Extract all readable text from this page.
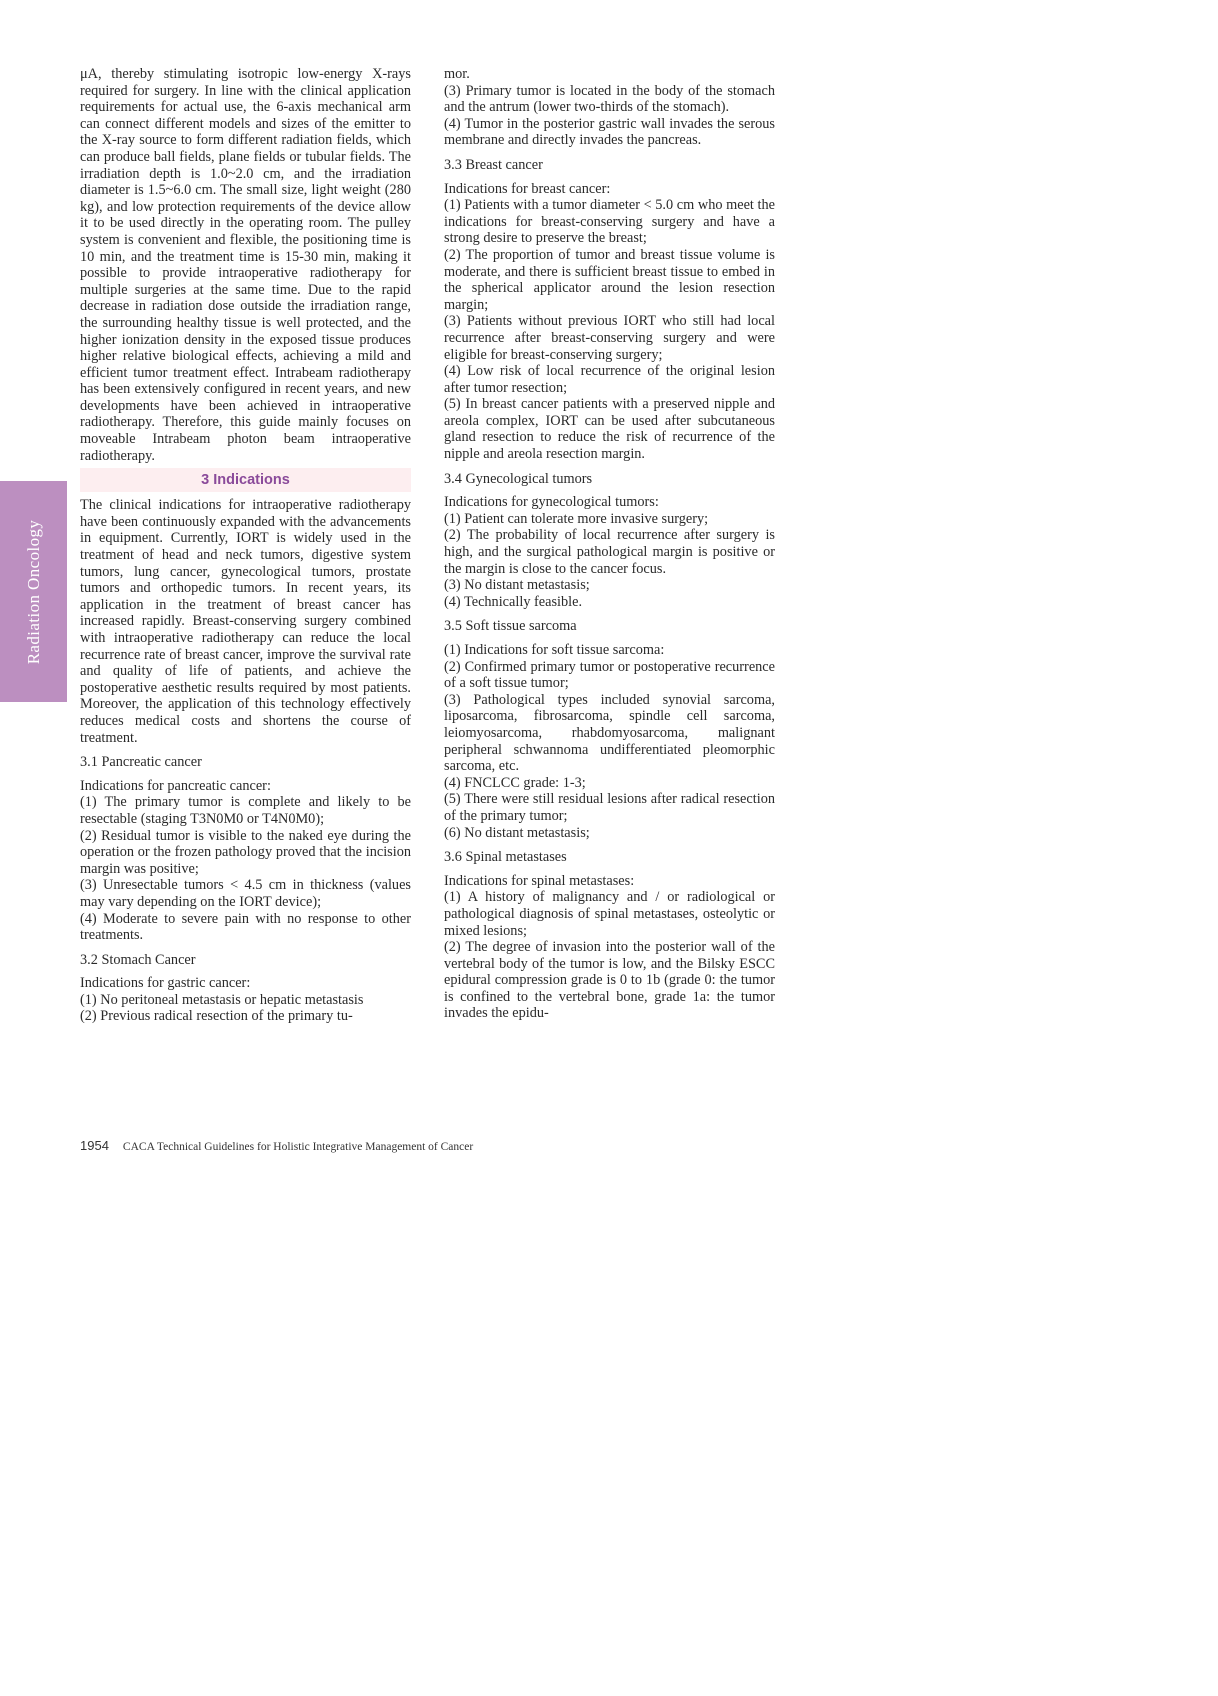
Radiation Oncology

μA, thereby stimulating isotropic low-energy X-rays required for surgery. In line with the clinical application requirements for actual use, the 6-axis mechanical arm can connect different models and sizes of the emitter to the X-ray source to form different radiation fields, which can produce ball fields, plane fields or tubular fields. The irradiation depth is 1.0~2.0 cm, and the irradiation diameter is 1.5~6.0 cm. The small size, light weight (280 kg), and low protection requirements of the device allow it to be used directly in the operating room. The pulley system is convenient and flexible, the positioning time is 10 min, and the treatment time is 15-30 min, making it possible to provide intraoperative radiotherapy for multiple surgeries at the same time. Due to the rapid decrease in radiation dose outside the irradiation range, the surrounding healthy tissue is well protected, and the higher ionization density in the exposed tissue produces higher relative biological effects, achieving a mild and efficient tumor treatment effect. Intrabeam radiotherapy has been extensively configured in recent years, and new developments have been achieved in intraoperative radiotherapy. Therefore, this guide mainly focuses on moveable Intrabeam photon beam intraoperative radiotherapy.

3 Indications

The clinical indications for intraoperative radiotherapy have been continuously expanded with the advancements in equipment. Currently, IORT is widely used in the treatment of head and neck tumors, digestive system tumors, lung cancer, gynecological tumors, prostate tumors and orthopedic tumors. In recent years, its application in the treatment of breast cancer has increased rapidly. Breast-conserving surgery combined with intraoperative radiotherapy can reduce the local recurrence rate of breast cancer, improve the survival rate and quality of life of patients, and achieve the postoperative aesthetic results required by most patients. Moreover, the application of this technology effectively reduces medical costs and shortens the course of treatment.

3.1 Pancreatic cancer

Indications for pancreatic cancer:

(1) The primary tumor is complete and likely to be resectable (staging T3N0M0 or T4N0M0);

(2) Residual tumor is visible to the naked eye during the operation or the frozen pathology proved that the incision margin was positive;

(3) Unresectable tumors < 4.5 cm in thickness (values may vary depending on the IORT device);

(4) Moderate to severe pain with no response to other treatments.

3.2 Stomach Cancer

Indications for gastric cancer:

(1) No peritoneal metastasis or hepatic metastasis

(2) Previous radical resection of the primary tu-

mor.

(3) Primary tumor is located in the body of the stomach and the antrum (lower two-thirds of the stomach).

(4) Tumor in the posterior gastric wall invades the serous membrane and directly invades the pancreas.

3.3 Breast cancer

Indications for breast cancer:

(1) Patients with a tumor diameter < 5.0 cm who meet the indications for breast-conserving surgery and have a strong desire to preserve the breast;

(2) The proportion of tumor and breast tissue volume is moderate, and there is sufficient breast tissue to embed in the spherical applicator around the lesion resection margin;

(3) Patients without previous IORT who still had local recurrence after breast-conserving surgery and were eligible for breast-conserving surgery;

(4) Low risk of local recurrence of the original lesion after tumor resection;

(5) In breast cancer patients with a preserved nipple and areola complex, IORT can be used after subcutaneous gland resection to reduce the risk of recurrence of the nipple and areola resection margin.

3.4 Gynecological tumors

Indications for gynecological tumors:

(1) Patient can tolerate more invasive surgery;

(2) The probability of local recurrence after surgery is high, and the surgical pathological margin is positive or the margin is close to the cancer focus.

(3) No distant metastasis;

(4) Technically feasible.

3.5 Soft tissue sarcoma

(1) Indications for soft tissue sarcoma:

(2) Confirmed primary tumor or postoperative recurrence of a soft tissue tumor;

(3) Pathological types included synovial sarcoma, liposarcoma, fibrosarcoma, spindle cell sarcoma, leiomyosarcoma, rhabdomyosarcoma, malignant peripheral schwannoma undifferentiated pleomorphic sarcoma, etc.

(4) FNCLCC grade: 1-3;

(5) There were still residual lesions after radical resection of the primary tumor;

(6) No distant metastasis;

3.6 Spinal metastases

Indications for spinal metastases:

(1) A history of malignancy and / or radiological or pathological diagnosis of spinal metastases, osteolytic or mixed lesions;

(2) The degree of invasion into the posterior wall of the vertebral body of the tumor is low, and the Bilsky ESCC epidural compression grade is 0 to 1b (grade 0: the tumor is confined to the vertebral bone, grade 1a: the tumor invades the epidu-

1954 CACA Technical Guidelines for Holistic Integrative Management of Cancer
